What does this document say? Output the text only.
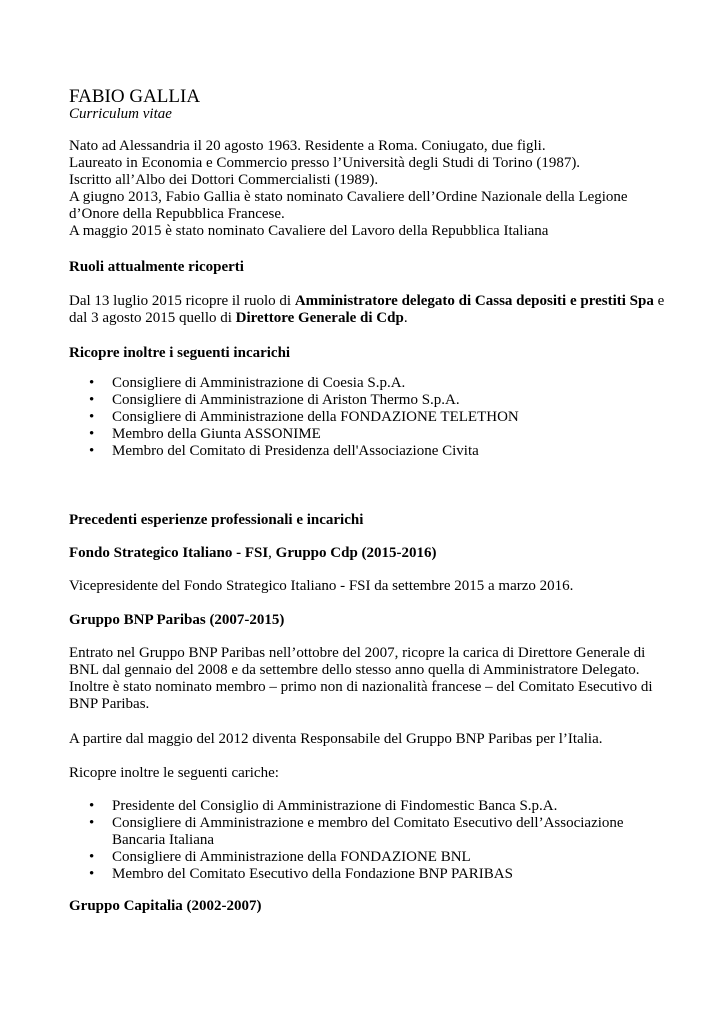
FABIO GALLIA
Curriculum vitae
Nato ad Alessandria il 20 agosto 1963. Residente a Roma. Coniugato, due figli.
Laureato in Economia e Commercio presso l’Università degli Studi di Torino (1987).
Iscritto all’Albo dei Dottori Commercialisti (1989).
A giugno 2013, Fabio Gallia è stato nominato Cavaliere dell’Ordine Nazionale della Legione
d’Onore della Repubblica Francese.
A maggio 2015 è stato nominato Cavaliere del Lavoro della Repubblica Italiana
Ruoli attualmente ricoperti
Dal 13 luglio 2015 ricopre il ruolo di Amministratore delegato di Cassa depositi e prestiti Spa e
dal 3 agosto 2015 quello di Direttore Generale di Cdp.
Ricopre inoltre i seguenti incarichi
• Consigliere di Amministrazione di Coesia S.p.A.
• Consigliere di Amministrazione di Ariston Thermo S.p.A.
• Consigliere di Amministrazione della FONDAZIONE TELETHON
• Membro della Giunta ASSONIME
• Membro del Comitato di Presidenza dell'Associazione Civita
Precedenti esperienze professionali e incarichi
Fondo Strategico Italiano - FSI, Gruppo Cdp (2015-2016)
Vicepresidente del Fondo Strategico Italiano - FSI da settembre 2015 a marzo 2016.
Gruppo BNP Paribas (2007-2015)
Entrato nel Gruppo BNP Paribas nell’ottobre del 2007, ricopre la carica di Direttore Generale di
BNL dal gennaio del 2008 e da settembre dello stesso anno quella di Amministratore Delegato.
Inoltre è stato nominato membro – primo non di nazionalità francese – del Comitato Esecutivo di
BNP Paribas.
A partire dal maggio del 2012 diventa Responsabile del Gruppo BNP Paribas per l’Italia.
Ricopre inoltre le seguenti cariche:
• Presidente del Consiglio di Amministrazione di Findomestic Banca S.p.A.
• Consigliere di Amministrazione e membro del Comitato Esecutivo dell’Associazione Bancaria Italiana
• Consigliere di Amministrazione della FONDAZIONE BNL
• Membro del Comitato Esecutivo della Fondazione BNP PARIBAS
Gruppo Capitalia (2002-2007)
